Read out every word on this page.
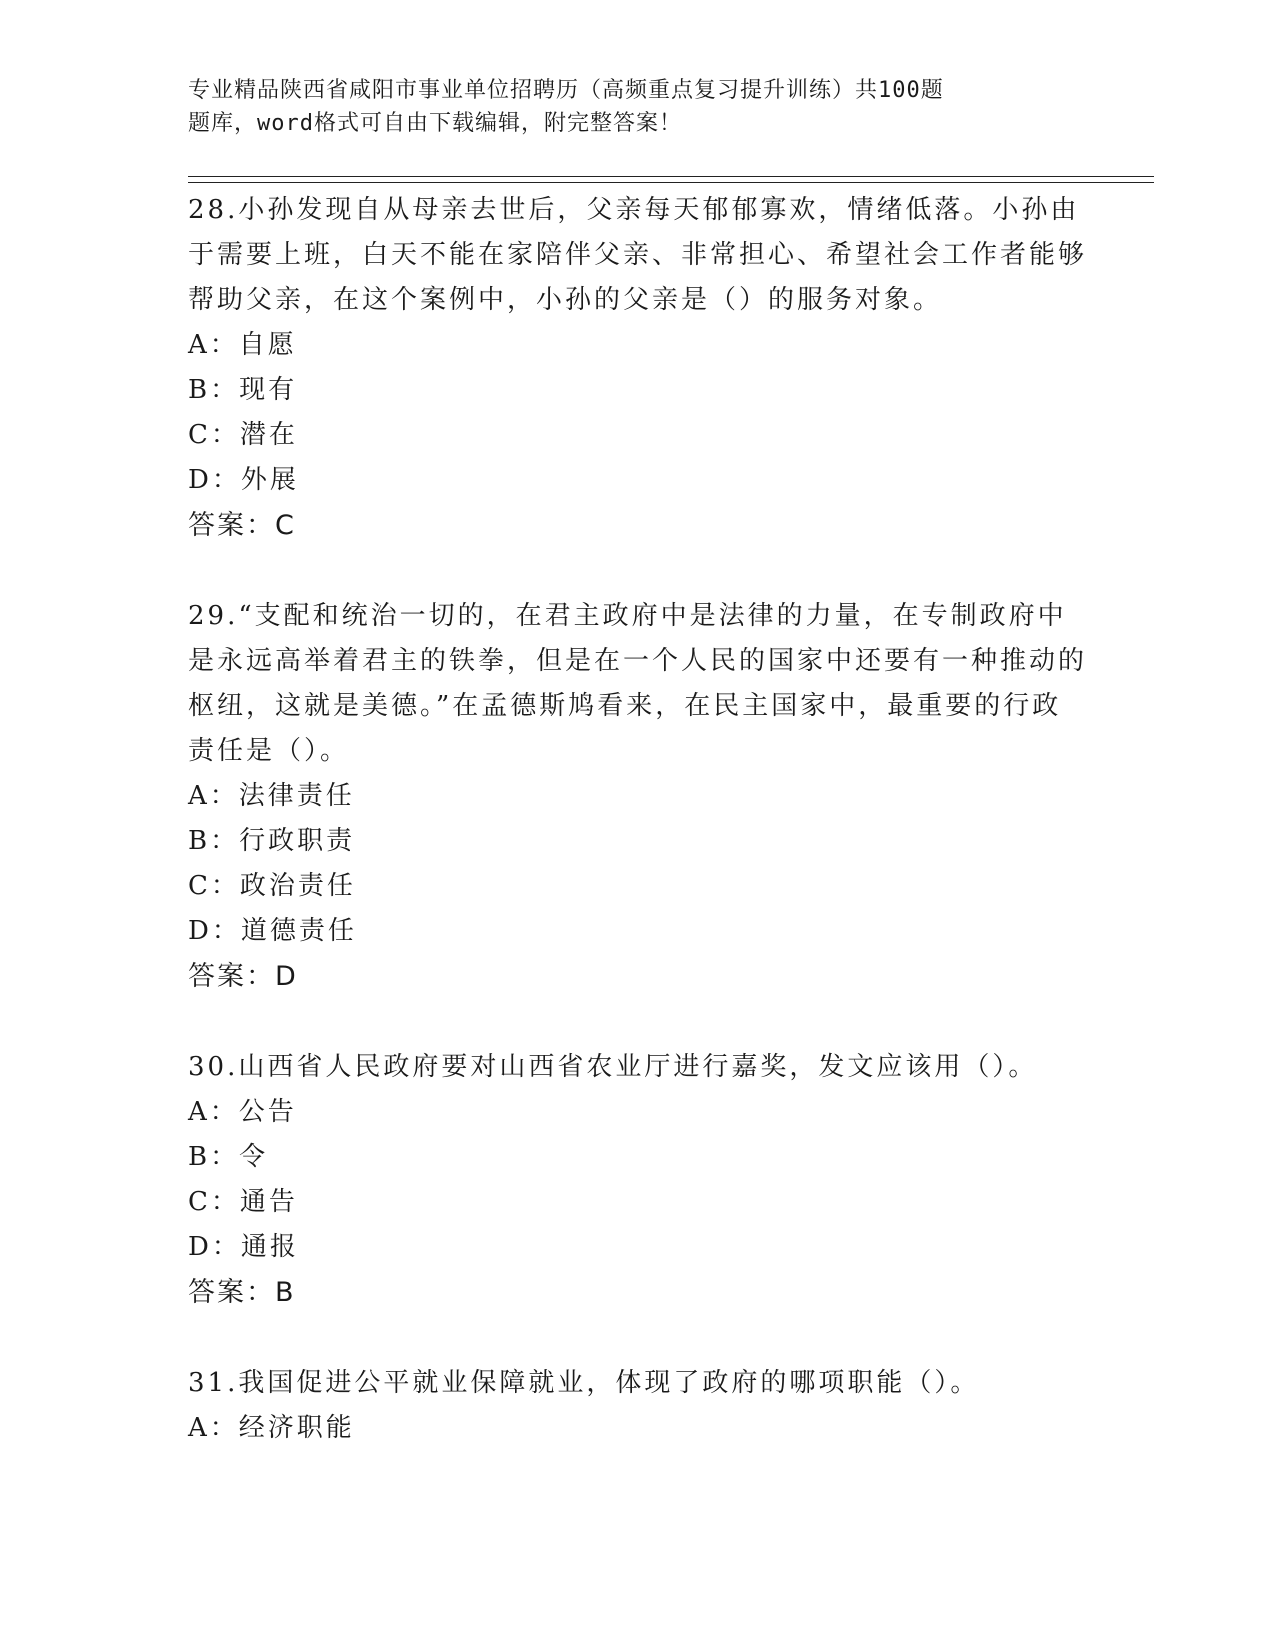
专业精品陕西省咸阳市事业单位招聘历（高频重点复习提升训练）共100题
题库，word格式可自由下载编辑，附完整答案！

28.小孙发现自从母亲去世后，父亲每天郁郁寡欢，情绪低落。小孙由于需要上班，白天不能在家陪伴父亲、非常担心、希望社会工作者能够帮助父亲，在这个案例中，小孙的父亲是（）的服务对象。

A：自愿

B：现有

C：潜在

D：外展

答案：C

29.“支配和统治一切的，在君主政府中是法律的力量，在专制政府中是永远高举着君主的铁拳，但是在一个人民的国家中还要有一种推动的枢纽，这就是美德。”在孟德斯鸠看来，在民主国家中，最重要的行政责任是（）。

A：法律责任

B：行政职责

C：政治责任

D：道德责任

答案：D

30.山西省人民政府要对山西省农业厅进行嘉奖，发文应该用（）。

A：公告

B：令

C：通告

D：通报

答案：B

31.我国促进公平就业保障就业，体现了政府的哪项职能（）。

A：经济职能
